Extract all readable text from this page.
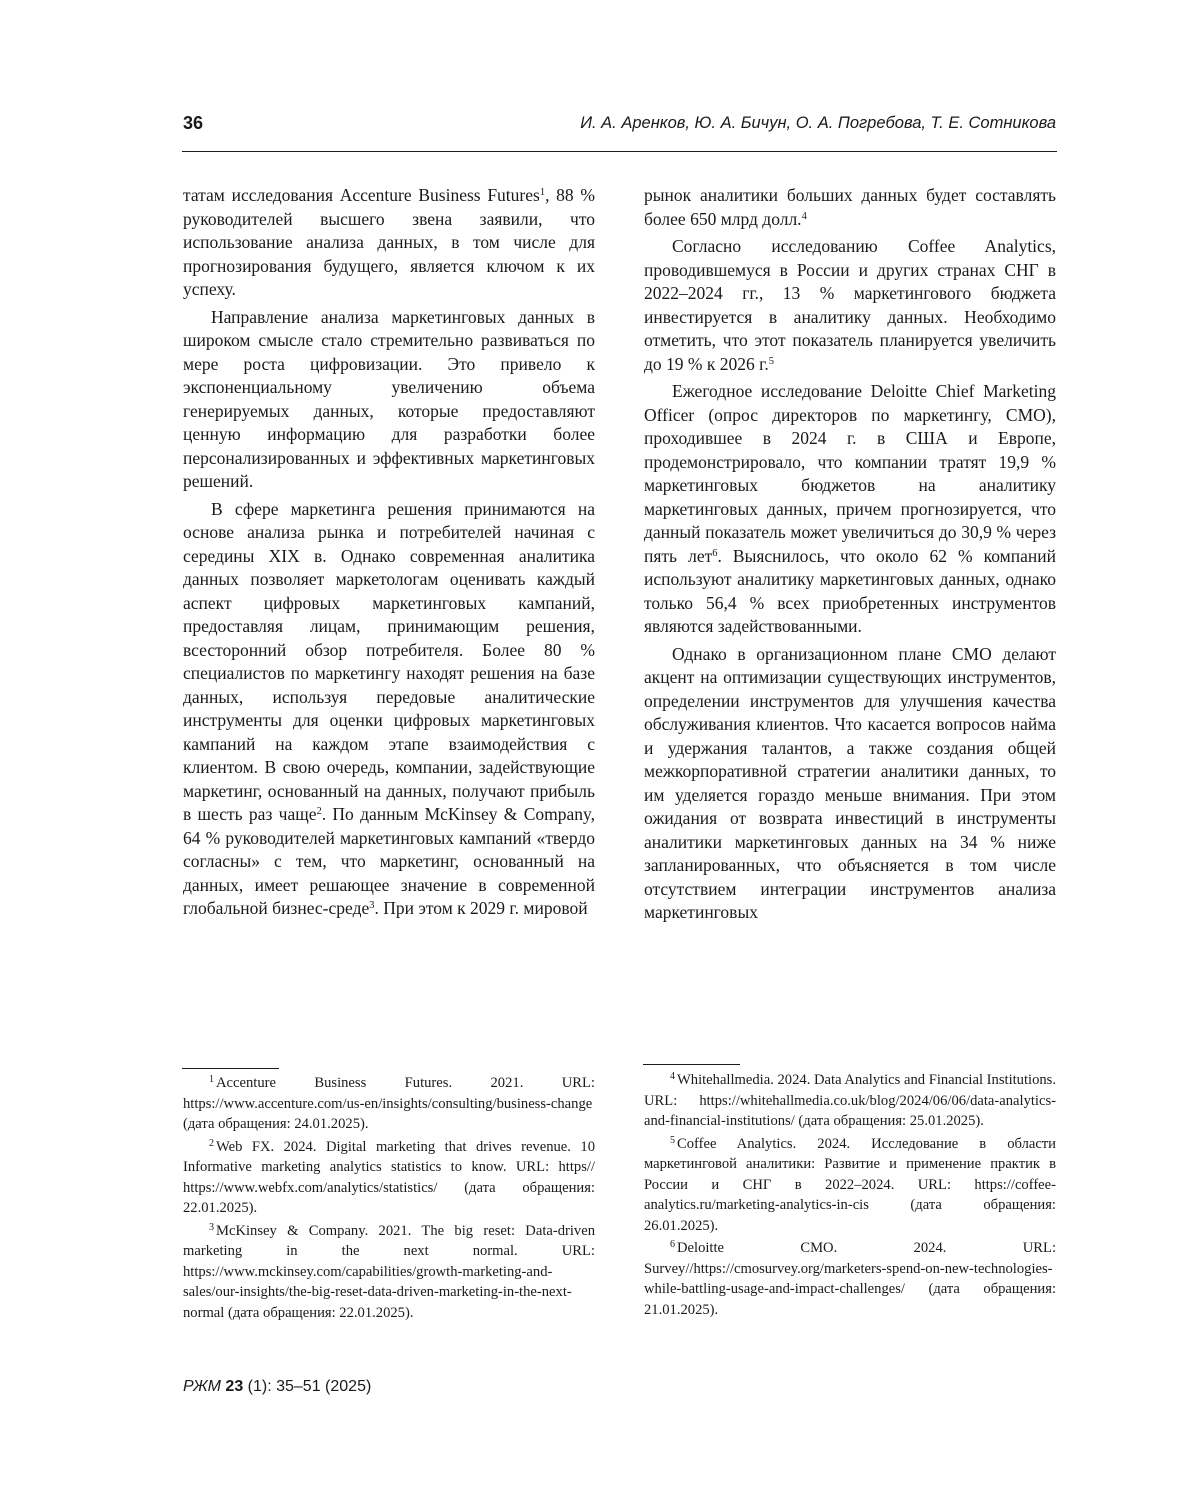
36	И. А. Аренков, Ю. А. Бичун, О. А. Погребова, Т. Е. Сотникова

татам исследования Accenture Business Futures$^1$, 88 % руководителей высшего звена заявили, что использование анализа данных, в том числе для прогнозирования будущего, является ключом к их успеху.

Направление анализа маркетинговых данных в широком смысле стало стремительно развиваться по мере роста цифровизации. Это привело к экспоненциальному увеличению объема генерируемых данных, которые предоставляют ценную информацию для разработки более персонализированных и эффективных маркетинговых решений.

В сфере маркетинга решения принимаются на основе анализа рынка и потребителей начиная с середины XIX в. Однако современная аналитика данных позволяет маркетологам оценивать каждый аспект цифровых маркетинговых кампаний, предоставляя лицам, принимающим решения, всесторонний обзор потребителя. Более 80 % специалистов по маркетингу находят решения на базе данных, используя передовые аналитические инструменты для оценки цифровых маркетинговых кампаний на каждом этапе взаимодействия с клиентом. В свою очередь, компании, задействующие маркетинг, основанный на данных, получают прибыль в шесть раз чаще$^2$. По данным McKinsey & Company, 64 % руководителей маркетинговых кампаний «твердо согласны» с тем, что маркетинг, основанный на данных, имеет решающее значение в современной глобальной бизнес-среде$^3$. При этом к 2029 г. мировой

рынок аналитики больших данных будет составлять более 650 млрд долл.$^4$

Согласно исследованию Coffee Analytics, проводившемуся в России и других странах СНГ в 2022–2024 гг., 13 % маркетингового бюджета инвестируется в аналитику данных. Необходимо отметить, что этот показатель планируется увеличить до 19 % к 2026 г.$^5$

Ежегодное исследование Deloitte Chief Marketing Officer (опрос директоров по маркетингу, CMO), проходившее в 2024 г. в США и Европе, продемонстрировало, что компании тратят 19,9 % маркетинговых бюджетов на аналитику маркетинговых данных, причем прогнозируется, что данный показатель может увеличиться до 30,9 % через пять лет$^6$. Выяснилось, что около 62 % компаний используют аналитику маркетинговых данных, однако только 56,4 % всех приобретенных инструментов являются задействованными.

Однако в организационном плане CMO делают акцент на оптимизации существующих инструментов, определении инструментов для улучшения качества обслуживания клиентов. Что касается вопросов найма и удержания талантов, а также создания общей межкорпоративной стратегии аналитики данных, то им уделяется гораздо меньше внимания. При этом ожидания от возврата инвестиций в инструменты аналитики маркетинговых данных на 34 % ниже запланированных, что объясняется в том числе отсутствием интеграции инструментов анализа маркетинговых

$^1$ Accenture Business Futures. 2021. URL: https://www.accenture.com/us-en/insights/consulting/business-change (дата обращения: 24.01.2025).

$^2$ Web FX. 2024. Digital marketing that drives revenue. 10 Informative marketing analytics statistics to know. URL: https// https://www.webfx.com/analytics/statistics/ (дата обращения: 22.01.2025).

$^3$ McKinsey & Company. 2021. The big reset: Data-driven marketing in the next normal. URL: https://www.mckinsey.com/capabilities/growth-marketing-and-sales/our-insights/the-big-reset-data-driven-marketing-in-the-next-normal (дата обращения: 22.01.2025).

$^4$ Whitehallmedia. 2024. Data Analytics and Financial Institutions. URL: https://whitehallmedia.co.uk/blog/2024/06/06/data-analytics-and-financial-institutions/ (дата обращения: 25.01.2025).

$^5$ Coffee Analytics. 2024. Исследование в области маркетинговой аналитики: Развитие и применение практик в России и СНГ в 2022–2024. URL: https://coffee-analytics.ru/marketing-analytics-in-cis (дата обращения: 26.01.2025).

$^6$ Deloitte CMO. 2024. URL: Survey//https://cmosurvey.org/marketers-spend-on-new-technologies-while-battling-usage-and-impact-challenges/ (дата обращения: 21.01.2025).

РЖМ 23 (1): 35–51 (2025)
